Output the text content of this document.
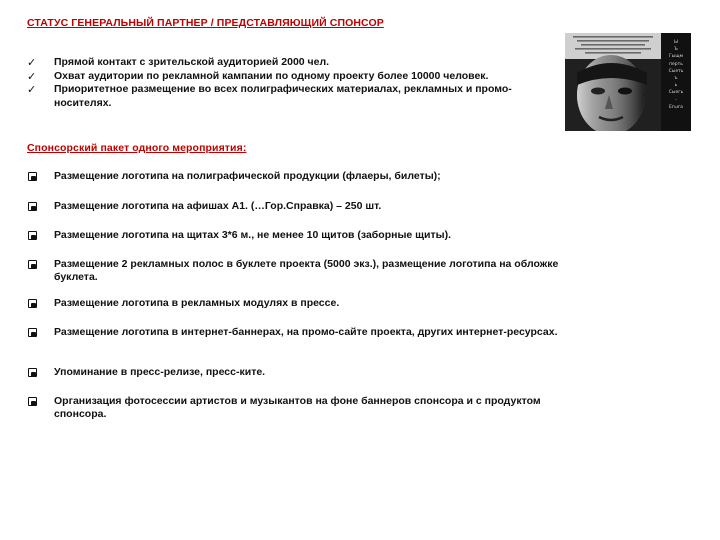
СТАТУС ГЕНЕРАЛЬНЫЙ ПАРТНЕР / ПРЕДСТАВЛЯЮЩИЙ СПОНСОР
✓	Прямой контакт с зрительской аудиторией 2000 чел.
✓	Охват аудитории по рекламной кампании по одному проекту более 10000 человек.
✓	Приоритетное размещение во всех полиграфических материалах, рекламных и промо- носителях.
Ы
Ъ
Гыщм
перть
Сыеть
ъ
ь
Сыегь
-
Егыга
Спонсорский пакет одного мероприятия:
Размещение логотипа на полиграфической продукции (флаеры, билеты);
Размещение логотипа на афишах А1. (…Гор.Справка) – 250 шт.
Размещение логотипа на щитах 3*6 м., не менее 10 щитов (заборные щиты).
Размещение 2 рекламных полос в буклете проекта (5000 экз.), размещение логотипа на обложке буклета.
Размещение логотипа в рекламных модулях в прессе.
Размещение логотипа в интернет-баннерах, на промо-сайте проекта, других интернет-ресурсах.
Упоминание в пресс-релизе, пресс-ките.
Организация фотосессии артистов и музыкантов на фоне баннеров спонсора и с продуктом спонсора.
